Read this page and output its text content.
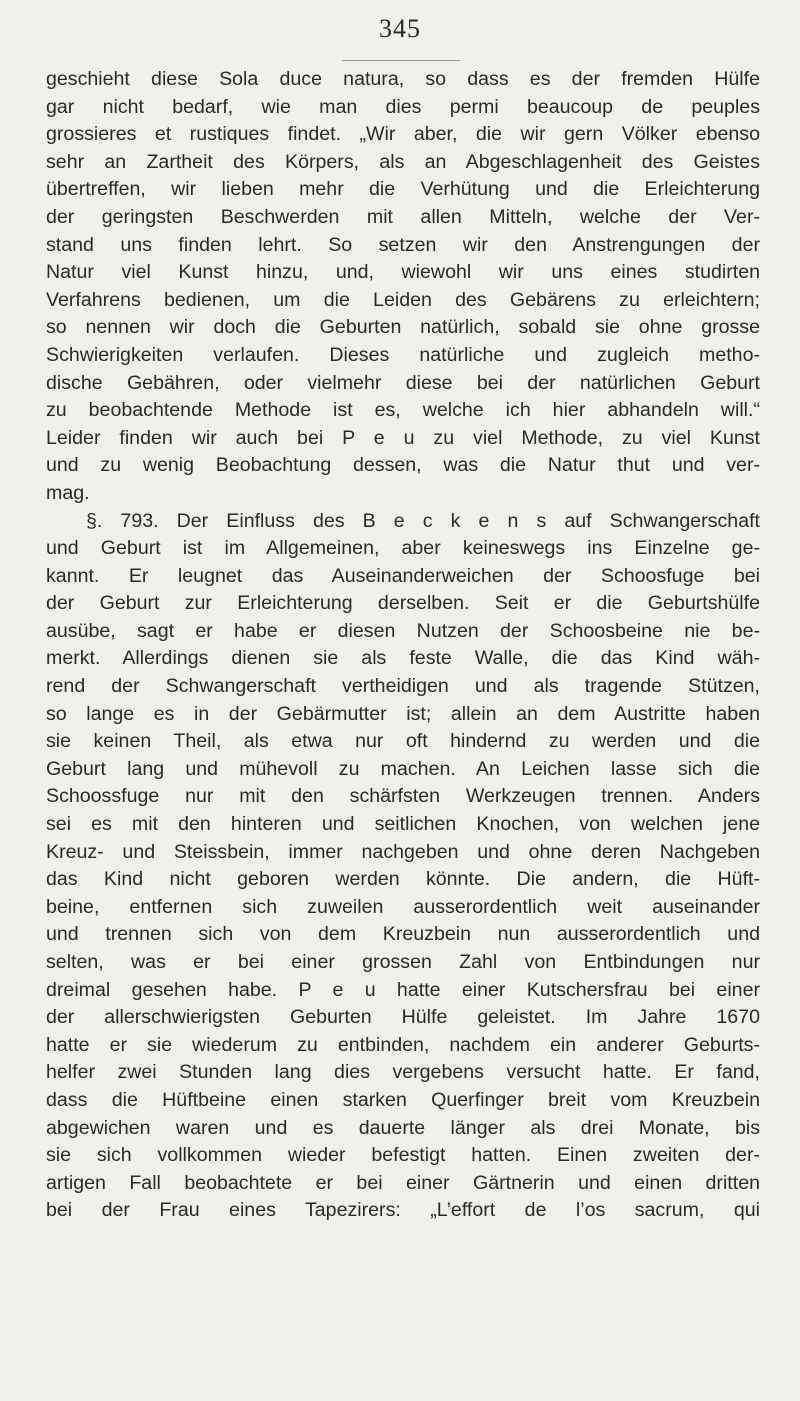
345
geschieht diese Sola duce natura, so dass es der fremden Hülfe
gar nicht bedarf, wie man dies permi beaucoup de peuples
grossieres et rustiques findet. „Wir aber, die wir gern Völker ebenso
sehr an Zartheit des Körpers, als an Abgeschlagenheit des Geistes
übertreffen, wir lieben mehr die Verhütung und die Erleichterung
der geringsten Beschwerden mit allen Mitteln, welche der Ver-
stand uns finden lehrt. So setzen wir den Anstrengungen der
Natur viel Kunst hinzu, und, wiewohl wir uns eines studirten
Verfahrens bedienen, um die Leiden des Gebärens zu erleichtern;
so nennen wir doch die Geburten natürlich, sobald sie ohne grosse
Schwierigkeiten verlaufen. Dieses natürliche und zugleich metho-
dische Gebähren, oder vielmehr diese bei der natürlichen Geburt
zu beobachtende Methode ist es, welche ich hier abhandeln will.“
Leider finden wir auch bei P e u zu viel Methode, zu viel Kunst
und zu wenig Beobachtung dessen, was die Natur thut und ver-
mag.
§. 793. Der Einfluss des B e c k e n s auf Schwangerschaft
und Geburt ist im Allgemeinen, aber keineswegs ins Einzelne ge-
kannt. Er leugnet das Auseinanderweichen der Schoosfuge bei
der Geburt zur Erleichterung derselben. Seit er die Geburtshülfe
ausübe, sagt er habe er diesen Nutzen der Schoosbeine nie be-
merkt. Allerdings dienen sie als feste Walle, die das Kind wäh-
rend der Schwangerschaft vertheidigen und als tragende Stützen,
so lange es in der Gebärmutter ist; allein an dem Austritte haben
sie keinen Theil, als etwa nur oft hindernd zu werden und die
Geburt lang und mühevoll zu machen. An Leichen lasse sich die
Schoossfuge nur mit den schärfsten Werkzeugen trennen. Anders
sei es mit den hinteren und seitlichen Knochen, von welchen jene
Kreuz- und Steissbein, immer nachgeben und ohne deren Nachgeben
das Kind nicht geboren werden könnte. Die andern, die Hüft-
beine, entfernen sich zuweilen ausserordentlich weit auseinander
und trennen sich von dem Kreuzbein nun ausserordentlich und
selten, was er bei einer grossen Zahl von Entbindungen nur
dreimal gesehen habe. P e u hatte einer Kutschersfrau bei einer
der allerschwierigsten Geburten Hülfe geleistet. Im Jahre 1670
hatte er sie wiederum zu entbinden, nachdem ein anderer Geburts-
helfer zwei Stunden lang dies vergebens versucht hatte. Er fand,
dass die Hüftbeine einen starken Querfinger breit vom Kreuzbein
abgewichen waren und es dauerte länger als drei Monate, bis
sie sich vollkommen wieder befestigt hatten. Einen zweiten der-
artigen Fall beobachtete er bei einer Gärtnerin und einen dritten
bei der Frau eines Tapezirers: „L’effort de l’os sacrum, qui
